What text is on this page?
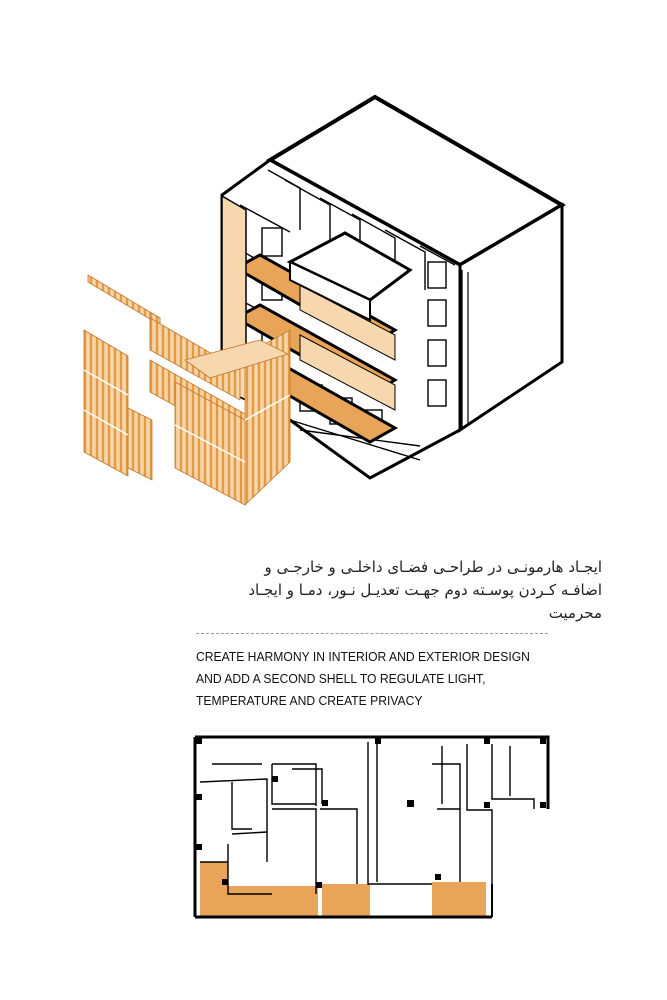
ایجـاد هارمونـی در طراحـی فضـای داخلـی و خارجـی و
اضافـه کـردن پوسـته دوم جهـت تعدیـل نـور، دمـا و ایجـاد
محرمیت
CREATE HARMONY IN INTERIOR AND EXTERIOR DESIGN
AND ADD A SECOND SHELL TO REGULATE LIGHT,
TEMPERATURE AND CREATE PRIVACY
